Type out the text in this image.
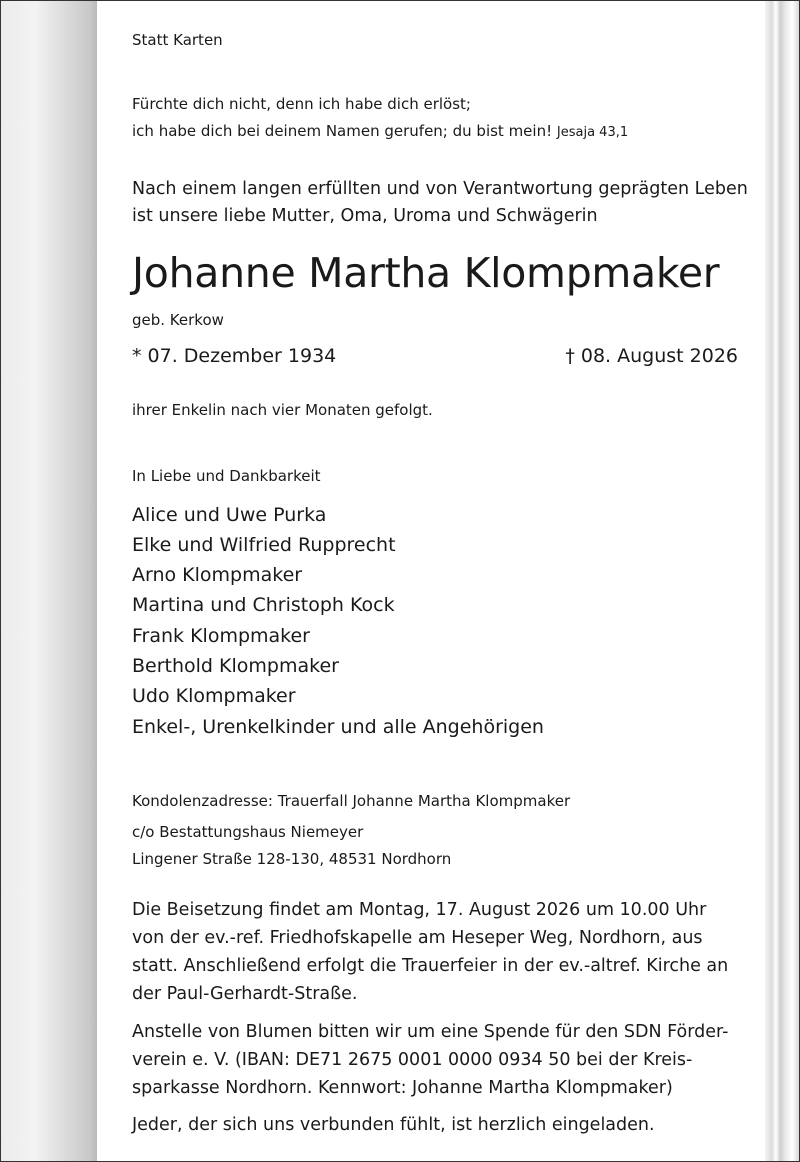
Statt Karten
Fürchte dich nicht, denn ich habe dich erlöst;
ich habe dich bei deinem Namen gerufen; du bist mein! Jesaja 43,1
Nach einem langen erfüllten und von Verantwortung geprägten Leben
ist unsere liebe Mutter, Oma, Uroma und Schwägerin
Johanne Martha Klompmaker
geb. Kerkow
* 07. Dezember 1934	† 08. August 2026
ihrer Enkelin nach vier Monaten gefolgt.
In Liebe und Dankbarkeit
Alice und Uwe Purka
Elke und Wilfried Rupprecht
Arno Klompmaker
Martina und Christoph Kock
Frank Klompmaker
Berthold Klompmaker
Udo Klompmaker
Enkel-, Urenkelkinder und alle Angehörigen
Kondolenzadresse: Trauerfall Johanne Martha Klompmaker
c/o Bestattungshaus Niemeyer
Lingener Straße 128-130, 48531 Nordhorn
Die Beisetzung findet am Montag, 17. August 2026 um 10.00 Uhr
von der ev.-ref. Friedhofskapelle am Heseper Weg, Nordhorn, aus
statt. Anschließend erfolgt die Trauerfeier in der ev.-altref. Kirche an
der Paul-Gerhardt-Straße.
Anstelle von Blumen bitten wir um eine Spende für den SDN Förder-
verein e. V. (IBAN: DE71 2675 0001 0000 0934 50 bei der Kreis-
sparkasse Nordhorn. Kennwort: Johanne Martha Klompmaker)
Jeder, der sich uns verbunden fühlt, ist herzlich eingeladen.
